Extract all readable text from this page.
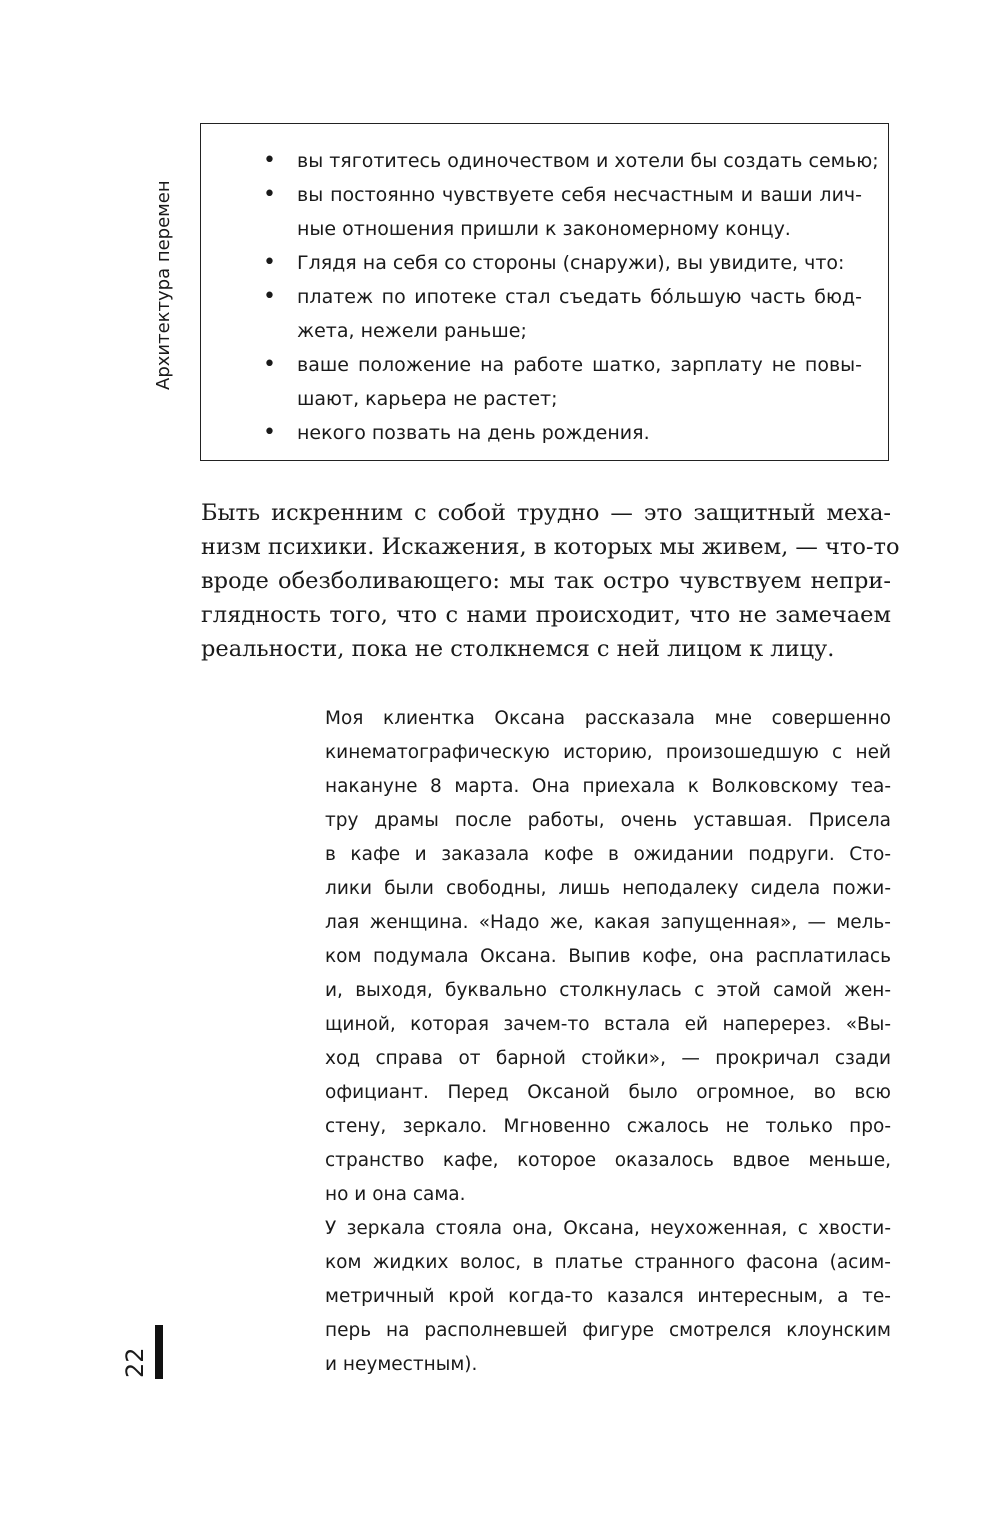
Архитектура перемен
22
• вы тяготитесь одиночеством и хотели бы создать семью;
• вы постоянно чувствуете себя несчастным и ваши лич-
ные отношения пришли к закономерному концу.
• Глядя на себя со стороны (снаружи), вы увидите, что:
• платеж по ипотеке стал съедать бóльшую часть бюд-
жета, нежели раньше;
• ваше положение на работе шатко, зарплату не повы-
шают, карьера не растет;
• некого позвать на день рождения.
Быть искренним с собой трудно — это защитный меха-
низм психики. Искажения, в которых мы живем, — что-то
вроде обезболивающего: мы так остро чувствуем непри-
глядность того, что с нами происходит, что не замечаем
реальности, пока не столкнемся с ней лицом к лицу.
Моя клиентка Оксана рассказала мне совершенно
кинематографическую историю, произошедшую с ней
накануне 8 марта. Она приехала к Волковскому теа-
тру драмы после работы, очень уставшая. Присела
в кафе и заказала кофе в ожидании подруги. Сто-
лики были свободны, лишь неподалеку сидела пожи-
лая женщина. «Надо же, какая запущенная», — мель-
ком подумала Оксана. Выпив кофе, она расплатилась
и, выходя, буквально столкнулась с этой самой жен-
щиной, которая зачем-то встала ей наперерез. «Вы-
ход справа от барной стойки», — прокричал сзади
официант. Перед Оксаной было огромное, во всю
стену, зеркало. Мгновенно сжалось не только про-
странство кафе, которое оказалось вдвое меньше,
но и она сама.
У зеркала стояла она, Оксана, неухоженная, с хвости-
ком жидких волос, в платье странного фасона (асим-
метричный крой когда-то казался интересным, а те-
перь на располневшей фигуре смотрелся клоунским
и неуместным).
